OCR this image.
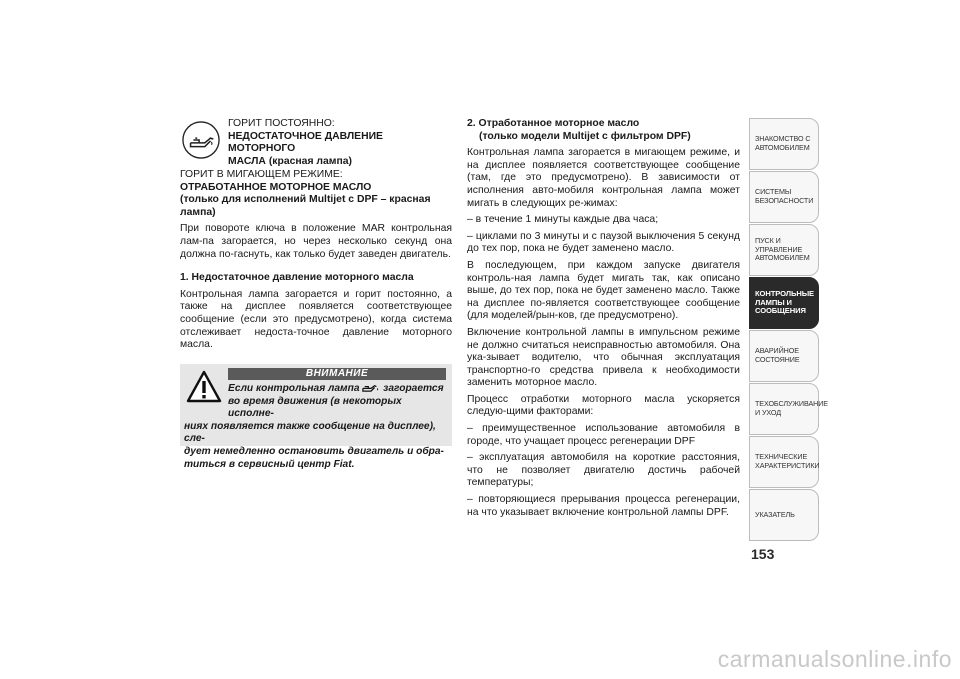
ГОРИТ ПОСТОЯННО:
НЕДОСТАТОЧНОЕ ДАВЛЕНИЕ МОТОРНОГО
МАСЛА (красная лампа)
ГОРИТ В МИГАЮЩЕМ РЕЖИМЕ:
ОТРАБОТАННОЕ МОТОРНОЕ МАСЛО
(только для исполнений Multijet с DPF – красная лампа)

При повороте ключа в положение MAR контрольная лам-па загорается, но через несколько секунд она должна по-гаснуть, как только будет заведен двигатель.

1. Недостаточное давление моторного масла

Контрольная лампа загорается и горит постоянно, а также на дисплее появляется соответствующее сообщение (если это предусмотрено), когда система отслеживает недоста-точное давление моторного масла.

ВНИМАНИЕ
Если контрольная лампа загорается
во время движения (в некоторых исполне-
ниях появляется также сообщение на дисплее), сле-
дует немедленно остановить двигатель и обра-
титься в сервисный центр Fiat.
2. Отработанное моторное масло
(только модели Multijet с фильтром DPF)

Контрольная лампа загорается в мигающем режиме, и на дисплее появляется соответствующее сообщение (там, где это предусмотрено). В зависимости от исполнения авто-мобиля контрольная лампа может мигать в следующих ре-жимах:

– в течение 1 минуты каждые два часа;

– циклами по 3 минуты и с паузой выключения 5 секунд до тех пор, пока не будет заменено масло.

В последующем, при каждом запуске двигателя контроль-ная лампа будет мигать так, как описано выше, до тех пор, пока не будет заменено масло. Также на дисплее по-является соответствующее сообщение (для моделей/рын-ков, где предусмотрено).

Включение контрольной лампы в импульсном режиме не должно считаться неисправностью автомобиля. Она ука-зывает водителю, что обычная эксплуатация транспортно-го средства привела к необходимости заменить моторное масло.

Процесс отработки моторного масла ускоряется следую-щими факторами:

– преимущественное использование автомобиля в городе, что учащает процесс регенерации DPF

– эксплуатация автомобиля на короткие расстояния, что не позволяет двигателю достичь рабочей температуры;

– повторяющиеся прерывания процесса регенерации, на что указывает включение контрольной лампы DPF.

ЗНАКОМСТВО С
АВТОМОБИЛЕМ
СИСТЕМЫ
БЕЗОПАСНОСТИ
ПУСК И УПРАВЛЕНИЕ
АВТОМОБИЛЕМ
КОНТРОЛЬНЫЕ
ЛАМПЫ И
СООБЩЕНИЯ
АВАРИЙНОЕ
СОСТОЯНИЕ
ТЕХОБСЛУЖИВАНИЕ
И УХОД
ТЕХНИЧЕСКИЕ
ХАРАКТЕРИСТИКИ
УКАЗАТЕЛЬ
153
carmanualsonline.info
